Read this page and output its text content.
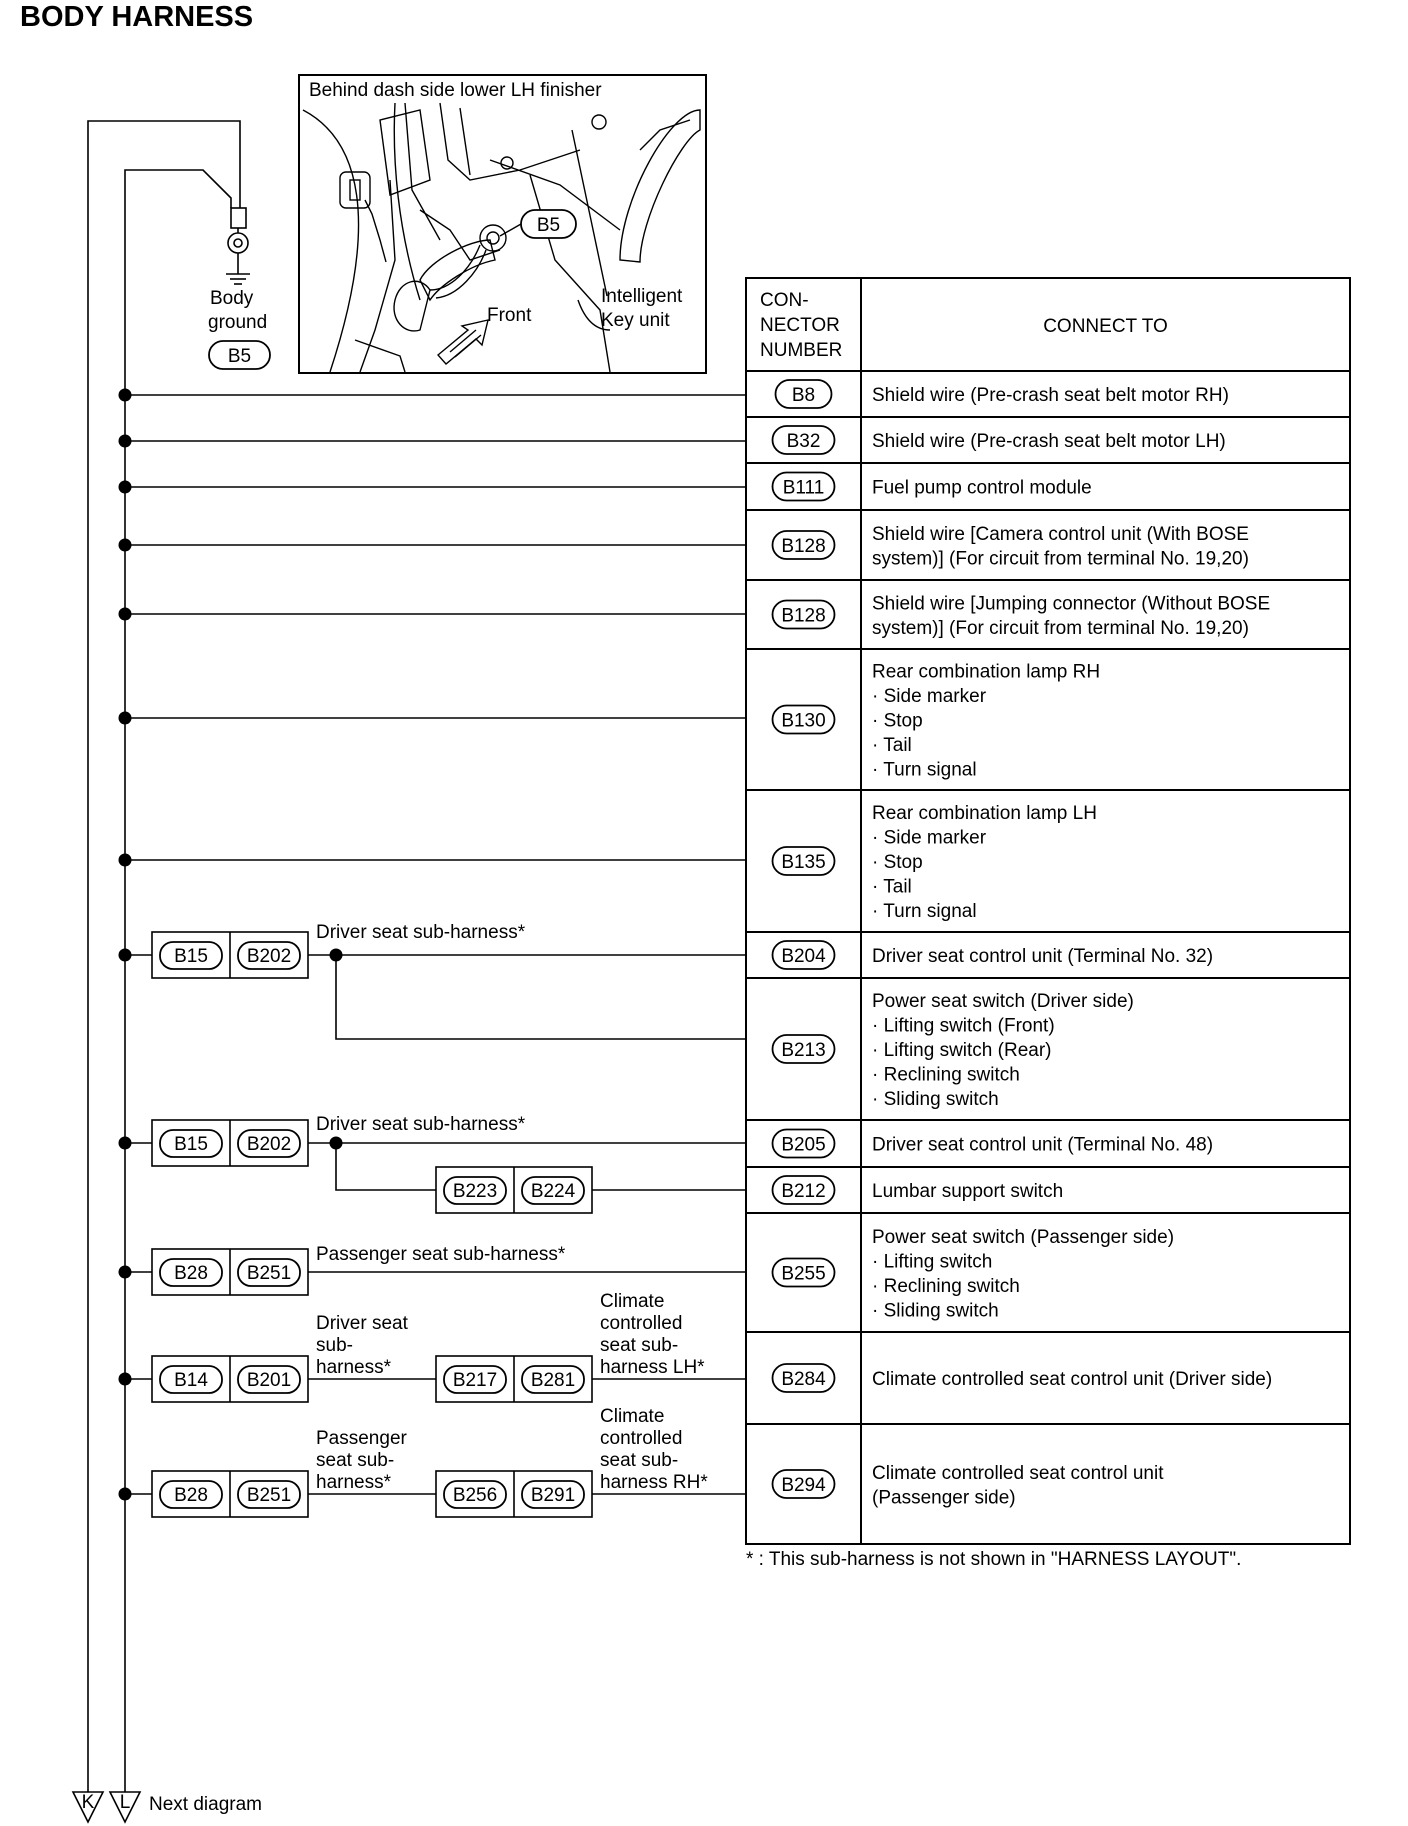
BODY HARNESS
Body
ground
B5
Behind dash side lower LH finisher
B5
Intelligent
Key unit
Front
CON-
NECTOR
NUMBER
CONNECT TO
B8	Shield wire (Pre-crash seat belt motor RH)
B32	Shield wire (Pre-crash seat belt motor LH)
B111	Fuel pump control module
B128
Shield wire [Camera control unit (With BOSE
system)] (For circuit from terminal No. 19,20)
B128
Shield wire [Jumping connector (Without BOSE
system)] (For circuit from terminal No. 19,20)
B130
Rear combination lamp RH
· Side marker
· Stop
· Tail
· Turn signal
B135
Rear combination lamp LH
· Side marker
· Stop
· Tail
· Turn signal
B204 Driver seat control unit (Terminal No. 32)
B213
Power seat switch (Driver side)
· Lifting switch (Front)
· Lifting switch (Rear)
· Reclining switch
· Sliding switch
B205 Driver seat control unit (Terminal No. 48)
B212 Lumbar support switch
B255
Power seat switch (Passenger side)
· Lifting switch
· Reclining switch
· Sliding switch
B284 Climate controlled seat control unit (Driver side)
B294
Climate controlled seat control unit
(Passenger side)
Driver seat sub-harness*
Driver seat sub-harness*
Passenger seat sub-harness*
Driver seat
sub-
harness*
Climate
controlled
seat sub-
harness LH*
Passenger
seat sub-
harness*
Climate
controlled
seat sub-
harness RH*
B15 B202
B15 B202
B223 B224
B28 B251
B14 B201	B217 B281
B28 B251	B256 B291
* : This sub-harness is not shown in "HARNESS LAYOUT".
K L Next diagram
